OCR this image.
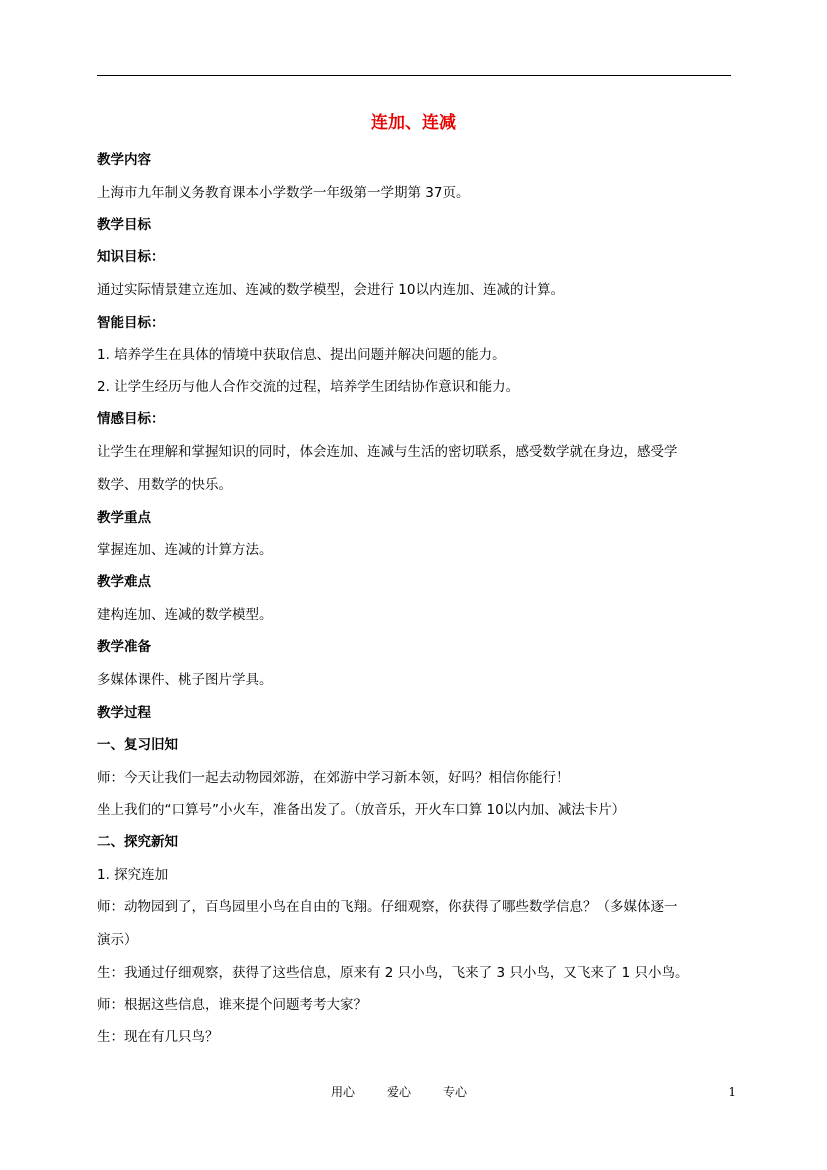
连加、连减
教学内容
上海市九年制义务教育课本小学数学一年级第一学期第 37页。
教学目标
知识目标：
通过实际情景建立连加、连减的数学模型，会进行 10以内连加、连减的计算。
智能目标：
1. 培养学生在具体的情境中获取信息、提出问题并解决问题的能力。
2. 让学生经历与他人合作交流的过程，培养学生团结协作意识和能力。
情感目标：
让学生在理解和掌握知识的同时，体会连加、连减与生活的密切联系，感受数学就在身边，感受学
数学、用数学的快乐。
教学重点
掌握连加、连减的计算方法。
教学难点
建构连加、连减的数学模型。
教学准备
多媒体课件、桃子图片学具。
教学过程
一、复习旧知
师：今天让我们一起去动物园郊游，在郊游中学习新本领，好吗？相信你能行！
坐上我们的“口算号”小火车，准备出发了。（放音乐，开火车口算 10以内加、减法卡片）
二、探究新知
1. 探究连加
师：动物园到了，百鸟园里小鸟在自由的飞翔。仔细观察，你获得了哪些数学信息？（多媒体逐一
演示）
生：我通过仔细观察，获得了这些信息，原来有 2 只小鸟，飞来了 3 只小鸟，又飞来了 1 只小鸟。
师：根据这些信息，谁来提个问题考考大家？
生：现在有几只鸟？
用心	爱心	专心	1
